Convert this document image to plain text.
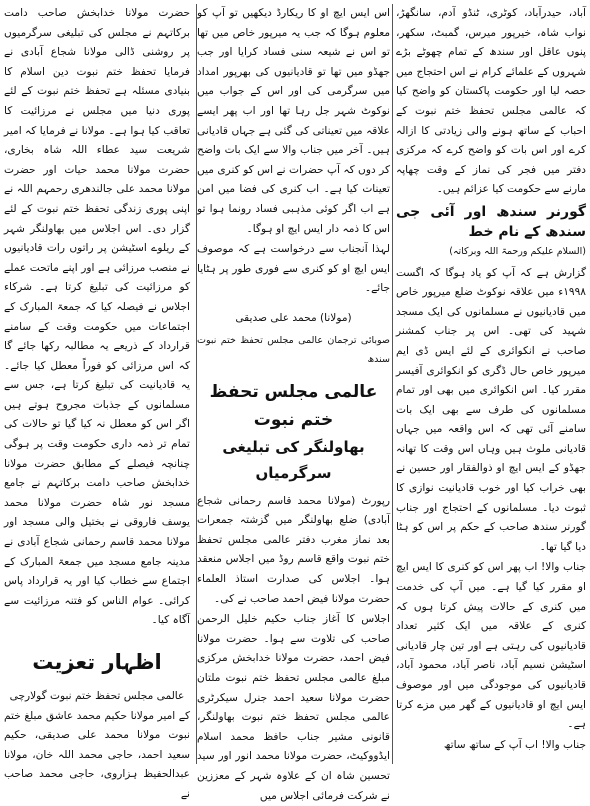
آباد، حیدرآباد، کوٹری، ٹنڈو آدم، سانگھڑ، نواب شاہ، خیرپور میرس، گمبٹ، سکھر، پنوں عاقل اور سندھ کے تمام چھوٹے بڑے شہروں کے علمائے کرام نے اس احتجاج میں حصہ لیا اور حکومت پاکستان کو واضح کیا کہ عالمی مجلس تحفظ ختم نبوت کے احباب کے ساتھ ہونے والی زیادتی کا ازالہ کرے اور اس بات کو واضح کرے کہ مرکزی دفتر میں فجر کی نماز کے وقت چھاپہ مارنے سے حکومت کیا عزائم ہیں۔

گورنر سندھ اور آئی جی سندھ کے نام خط
(السلام علیکم ورحمۃ اللہ وبرکاتہ)

گزارش ہے کہ آپ کو یاد ہوگا کہ اگست ۱۹۹۸ء میں علاقہ نوکوٹ ضلع میرپور خاص میں قادیانیوں نے مسلمانوں کی ایک مسجد شہید کی تھی۔ اس پر جناب کمشنر صاحب نے انکوائری کے لئے ایس ڈی ایم میرپور خاص حال ڈگری کو انکوائری آفیسر مقرر کیا۔ اس انکوائری میں بھی اور تمام مسلمانوں کی طرف سے بھی ایک بات سامنے آئی تھی کہ اس واقعہ میں جہاں قادیانی ملوث ہیں وہاں اس وقت کا تھانہ جھڈو کے ایس ایچ او ذوالفقار اور حسین نے بھی خراب کیا اور خوب قادیانیت نوازی کا ثبوت دیا۔ مسلمانوں کے احتجاج اور جناب گورنر سندھ صاحب کے حکم پر اس کو ہٹا دیا گیا تھا۔

جناب والا! اب پھر اس کو کنری کا ایس ایچ او مقرر کیا گیا ہے۔ میں آپ کی خدمت میں کنری کے حالات پیش کرتا ہوں کہ کنری کے علاقہ میں ایک کثیر تعداد قادیانیوں کی رہتی ہے اور تین چار قادیانی اسٹیشن نسیم آباد، ناصر آباد، محمود آباد، قادیانیوں کی موجودگی میں اور موصوف ایس ایچ او قادیانیوں کے گھر میں مزے کرتا ہے۔

جناب والا! اب آپ کے ساتھ ساتھ

اس ایس ایچ او کا ریکارڈ دیکھیں تو آپ کو معلوم ہوگا کہ جب یہ میرپور خاص میں تھا تو اس نے شیعہ سنی فساد کرایا اور جب جھڈو میں تھا تو قادیانیوں کی بھرپور امداد میں سرگرمی کی اور اس کے جواب میں نوکوٹ شہر جل رہا تھا اور اب پھر ایسے علاقہ میں تعیناتی کی گئی ہے جہاں قادیانی ہیں۔ آخر میں جناب والا سے ایک بات واضح کر دوں کہ آپ حضرات نے اس کو کنری میں تعینات کیا ہے۔ اب کنری کی فضا میں امن ہے اب اگر کوئی مذہبی فساد رونما ہوا تو اس کا ذمہ دار ایس ایچ او ہوگا۔

لہذا آنجناب سے درخواست ہے کہ موصوف ایس ایچ او کو کنری سے فوری طور پر ہٹایا جائے۔

(مولانا) محمد علی صدیقی
صوبائی ترجمان عالمی مجلس تحفظ ختم نبوت سندھ
عالمی مجلس تحفظ ختم نبوت
بھاولنگر کی تبلیغی سرگرمیاں

رپورٹ (مولانا محمد قاسم رحمانی شجاع آبادی) ضلع بھاولنگر میں گزشتہ جمعرات بعد نماز مغرب دفتر عالمی مجلس تحفظ ختم نبوت واقع قاسم روڈ میں اجلاس منعقد ہوا۔ اجلاس کی صدارت استاذ العلماء حضرت مولانا فیض احمد صاحب نے کی۔

اجلاس کا آغاز جناب حکیم خلیل الرحمن صاحب کی تلاوت سے ہوا۔ حضرت مولانا فیض احمد، حضرت مولانا خدابخش مرکزی مبلغ عالمی مجلس تحفظ ختم نبوت ملتان حضرت مولانا سعید احمد جنرل سیکرٹری عالمی مجلس تحفظ ختم نبوت بھاولنگر، قانونی مشیر جناب حافظ محمد اسلام ایڈووکیٹ، حضرت مولانا محمد انور اور سید تحسین شاہ ان کے علاوہ شہر کے معززین نے شرکت فرمائی اجلاس میں

حضرت مولانا خدابخش صاحب دامت برکاتہم نے مجلس کی تبلیغی سرگرمیوں پر روشنی ڈالی مولانا شجاع آبادی نے فرمایا تحفظ ختم نبوت دین اسلام کا بنیادی مسئلہ ہے تحفظ ختم نبوت کے لئے پوری دنیا میں مجلس نے مرزائیت کا تعاقب کیا ہوا ہے۔ مولانا نے فرمایا کہ امیر شریعت سید عطاء اللہ شاہ بخاری، حضرت مولانا محمد حیات اور حضرت مولانا محمد علی جالندھری رحمہم اللہ نے اپنی پوری زندگی تحفظ ختم نبوت کے لئے گزار دی۔ اس اجلاس میں بھاولنگر شہر کے ریلوے اسٹیشن پر راتوں رات قادیانیوں نے منصب مرزائی ہے اور اپنے ماتحت عملے کو مرزائیت کی تبلیغ کرتا ہے۔ شرکاء اجلاس نے فیصلہ کیا کہ جمعۃ المبارک کے اجتماعات میں حکومت وقت کے سامنے قرارداد کے ذریعے یہ مطالبہ رکھا جائے گا کہ اس مرزائی کو فوراً معطل کیا جائے۔ یہ قادیانیت کی تبلیغ کرتا ہے، جس سے مسلمانوں کے جذبات مجروح ہوتے ہیں اگر اس کو معطل نہ کیا گیا تو حالات کی تمام تر ذمہ داری حکومت وقت پر ہوگی چنانچہ فیصلے کے مطابق حضرت مولانا خدابخش صاحب دامت برکاتہم نے جامع مسجد نور شاہ حضرت مولانا محمد یوسف فاروقی نے بختیل والی مسجد اور مولانا محمد قاسم رحمانی شجاع آبادی نے مدینہ جامع مسجد میں جمعۃ المبارک کے اجتماع سے خطاب کیا اور یہ قرارداد پاس کرائی۔ عوام الناس کو فتنہ مرزائیت سے آگاہ کیا۔

اظہار تعزیت
عالمی مجلس تحفظ ختم نبوت گولارچی

کے امیر مولانا حکیم محمد عاشق مبلغ ختم نبوت مولانا محمد علی صدیقی، حکیم سعید احمد، حاجی محمد اللہ خان، مولانا عبدالحفیظ ہزاروی، حاجی محمد صاحب نے
